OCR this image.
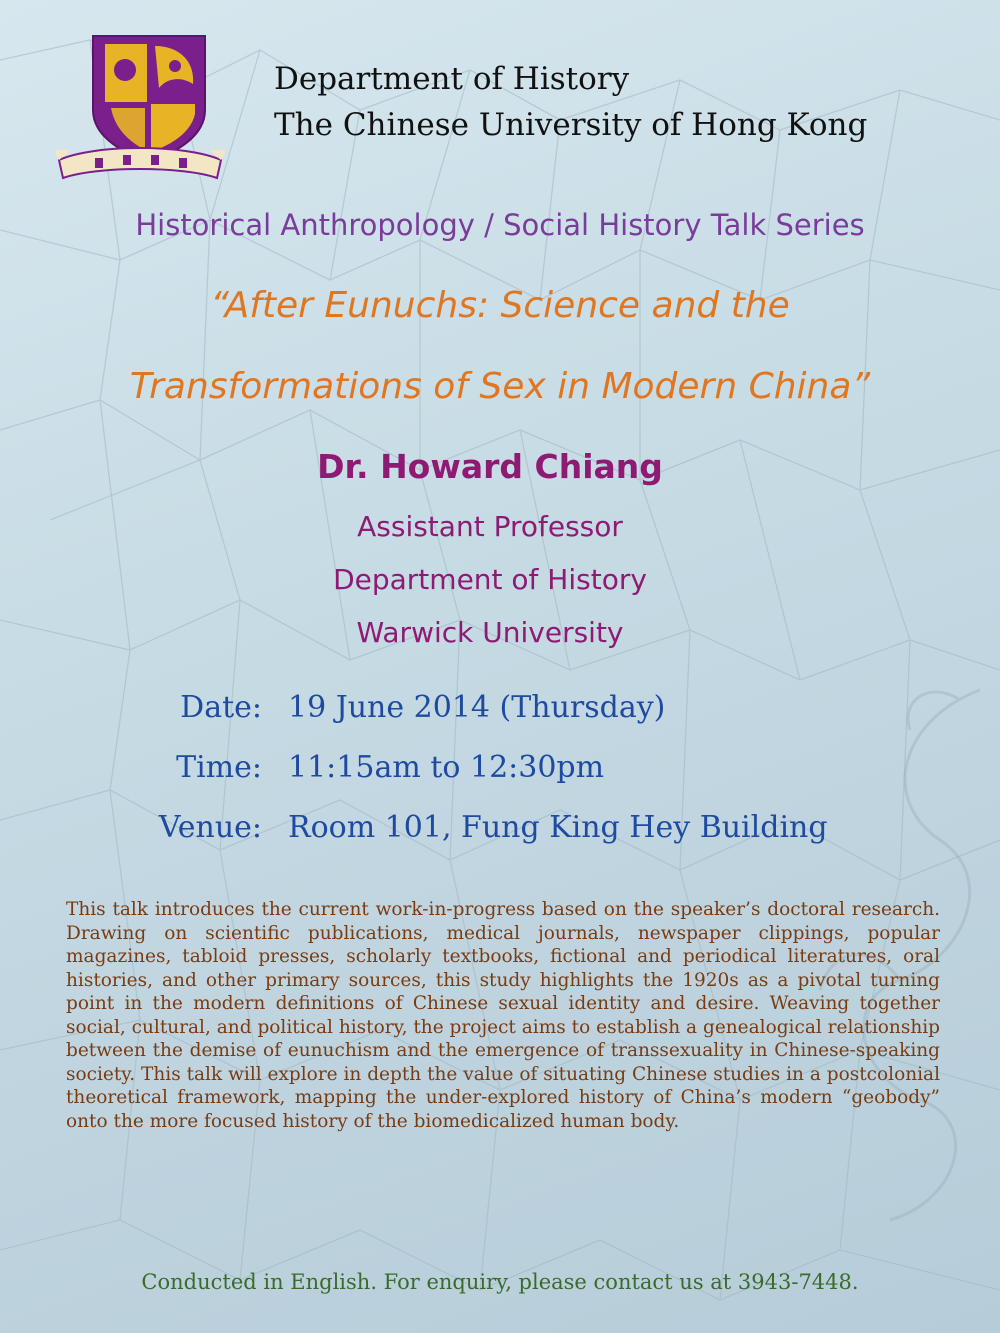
Department of History
The Chinese University of Hong Kong
Historical Anthropology / Social History Talk Series
“After Eunuchs: Science and the
Transformations of Sex in Modern China”
Dr. Howard Chiang
Assistant Professor
Department of History
Warwick University
Date: 19 June 2014 (Thursday)
Time: 11:15am to 12:30pm
Venue: Room 101, Fung King Hey Building
This talk introduces the current work-in-progress based on the speaker’s doctoral research. Drawing on scientific publications, medical journals, newspaper clippings, popular magazines, tabloid presses, scholarly textbooks, fictional and periodical literatures, oral histories, and other primary sources, this study highlights the 1920s as a pivotal turning point in the modern definitions of Chinese sexual identity and desire. Weaving together social, cultural, and political history, the project aims to establish a genealogical relationship between the demise of eunuchism and the emergence of transsexuality in Chinese-speaking society. This talk will explore in depth the value of situating Chinese studies in a postcolonial theoretical framework, mapping the under-explored history of China’s modern “geobody” onto the more focused history of the biomedicalized human body.
Conducted in English. For enquiry, please contact us at 3943-7448.
